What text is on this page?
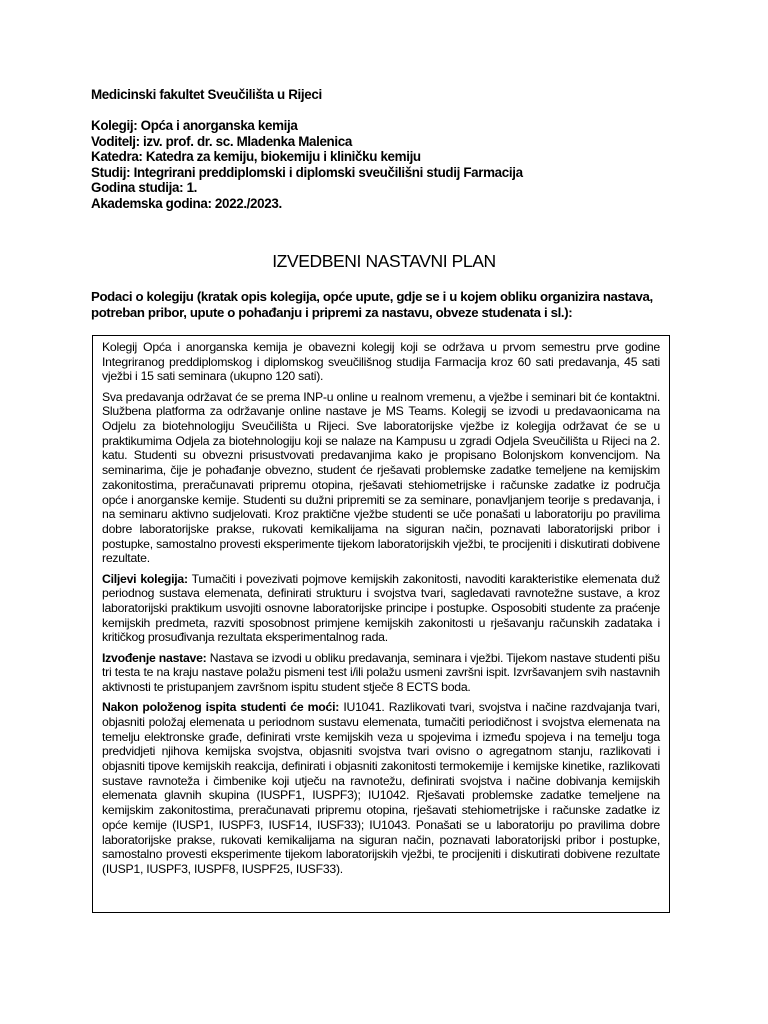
Medicinski fakultet Sveučilišta u Rijeci
Kolegij: Opća i anorganska kemija
Voditelj: izv. prof. dr. sc. Mladenka Malenica
Katedra: Katedra za kemiju, biokemiju i kliničku kemiju
Studij: Integrirani preddiplomski i diplomski sveučilišni studij Farmacija
Godina studija: 1.
Akademska godina: 2022./2023.
IZVEDBENI NASTAVNI PLAN
Podaci o kolegiju (kratak opis kolegija, opće upute, gdje se i u kojem obliku organizira nastava, potreban pribor, upute o pohađanju i pripremi za nastavu, obveze studenata i sl.):

Kolegij Opća i anorganska kemija je obavezni kolegij koji se održava u prvom semestru prve godine Integriranog preddiplomskog i diplomskog sveučilišnog studija Farmacija kroz 60 sati predavanja, 45 sati vježbi i 15 sati seminara (ukupno 120 sati).

Sva predavanja održavat će se prema INP-u online u realnom vremenu, a vježbe i seminari bit će kontaktni. Službena platforma za održavanje online nastave je MS Teams. Kolegij se izvodi u predavaonicama na Odjelu za biotehnologiju Sveučilišta u Rijeci. Sve laboratorijske vježbe iz kolegija održavat će se u praktikumima Odjela za biotehnologiju koji se nalaze na Kampusu u zgradi Odjela Sveučilišta u Rijeci na 2. katu. Studenti su obvezni prisustvovati predavanjima kako je propisano Bolonjskom konvencijom. Na seminarima, čije je pohađanje obvezno, student će rješavati problemske zadatke temeljene na kemijskim zakonitostima, preračunavati pripremu otopina, rješavati stehiometrijske i računske zadatke iz područja opće i anorganske kemije. Studenti su dužni pripremiti se za seminare, ponavljanjem teorije s predavanja, i na seminaru aktivno sudjelovati. Kroz praktične vježbe studenti se uče ponašati u laboratoriju po pravilima dobre laboratorijske prakse, rukovati kemikalijama na siguran način, poznavati laboratorijski pribor i postupke, samostalno provesti eksperimente tijekom laboratorijskih vježbi, te procijeniti i diskutirati dobivene rezultate.

Ciljevi kolegija: Tumačiti i povezivati pojmove kemijskih zakonitosti, navoditi karakteristike elemenata duž periodnog sustava elemenata, definirati strukturu i svojstva tvari, sagledavati ravnotežne sustave, a kroz laboratorijski praktikum usvojiti osnovne laboratorijske principe i postupke. Osposobiti studente za praćenje kemijskih predmeta, razviti sposobnost primjene kemijskih zakonitosti u rješavanju računskih zadataka i kritičkog prosuđivanja rezultata eksperimentalnog rada.

Izvođenje nastave: Nastava se izvodi u obliku predavanja, seminara i vježbi. Tijekom nastave studenti pišu tri testa te na kraju nastave polažu pismeni test i/ili polažu usmeni završni ispit. Izvršavanjem svih nastavnih aktivnosti te pristupanjem završnom ispitu student stječe 8 ECTS boda.

Nakon položenog ispita studenti će moći: IU1041. Razlikovati tvari, svojstva i načine razdvajanja tvari, objasniti položaj elemenata u periodnom sustavu elemenata, tumačiti periodičnost i svojstva elemenata na temelju elektronske građe, definirati vrste kemijskih veza u spojevima i između spojeva i na temelju toga predvidjeti njihova kemijska svojstva, objasniti svojstva tvari ovisno o agregatnom stanju, razlikovati i objasniti tipove kemijskih reakcija, definirati i objasniti zakonitosti termokemije i kemijske kinetike, razlikovati sustave ravnoteža i čimbenike koji utječu na ravnotežu, definirati svojstva i načine dobivanja kemijskih elemenata glavnih skupina (IUSPF1, IUSPF3); IU1042. Rješavati problemske zadatke temeljene na kemijskim zakonitostima, preračunavati pripremu otopina, rješavati stehiometrijske i računske zadatke iz opće kemije (IUSP1, IUSPF3, IUSF14, IUSF33); IU1043. Ponašati se u laboratoriju po pravilima dobre laboratorijske prakse, rukovati kemikalijama na siguran način, poznavati laboratorijski pribor i postupke, samostalno provesti eksperimente tijekom laboratorijskih vježbi, te procijeniti i diskutirati dobivene rezultate (IUSP1, IUSPF3, IUSPF8, IUSPF25, IUSF33).
